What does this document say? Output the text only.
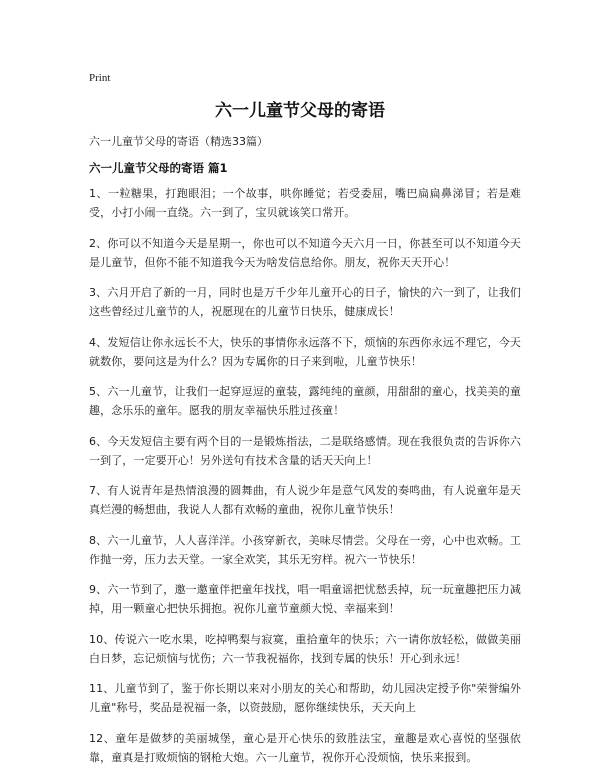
Print
六一儿童节父母的寄语
六一儿童节父母的寄语（精选33篇）
六一儿童节父母的寄语 篇1

1、一粒糖果，打跑眼泪；一个故事，哄你睡觉；若受委屈，嘴巴扁扁鼻涕冒；若是难受，小打小闹一直绕。六一到了，宝贝就该笑口常开。

2、你可以不知道今天是星期一，你也可以不知道今天六月一日，你甚至可以不知道今天是儿童节，但你不能不知道我今天为啥发信息给你。朋友，祝你天天开心！

3、六月开启了新的一月，同时也是万千少年儿童开心的日子，愉快的六一到了，让我们这些曾经过儿童节的人，祝愿现在的儿童节日快乐，健康成长！

4、发短信让你永远长不大，快乐的事情你永远落不下，烦恼的东西你永远不理它，今天就数你，要问这是为什么？因为专属你的日子来到啦，儿童节快乐！

5、六一儿童节，让我们一起穿逗逗的童装，露纯纯的童颜，用甜甜的童心，找美美的童趣，念乐乐的童年。愿我的朋友幸福快乐胜过孩童！

6、今天发短信主要有两个目的一是锻炼指法，二是联络感情。现在我很负责的告诉你六一到了，一定要开心！另外送句有技术含量的话天天向上！

7、有人说青年是热情浪漫的圆舞曲，有人说少年是意气风发的奏鸣曲，有人说童年是天真烂漫的畅想曲，我说人人都有欢畅的童曲，祝你儿童节快乐！

8、六一儿童节，人人喜洋洋。小孩穿新衣，美味尽情尝。父母在一旁，心中也欢畅。工作抛一旁，压力去天堂。一家全欢笑，其乐无穷样。祝六一节快乐！

9、六一节到了，邀一邀童伴把童年找找，唱一唱童谣把忧愁丢掉，玩一玩童趣把压力减掉，用一颗童心把快乐拥抱。祝你儿童节童颜大悦、幸福来到！

10、传说六一吃水果，吃掉鸭梨与寂寞，重拾童年的快乐；六一请你放轻松，做做美丽白日梦，忘记烦恼与忧伤；六一节我祝福你，找到专属的快乐！开心到永远！

11、儿童节到了，鉴于你长期以来对小朋友的关心和帮助，幼儿园决定授予你"荣誉编外儿童"称号，奖品是祝福一条，以资鼓励，愿你继续快乐，天天向上

12、童年是做梦的美丽城堡，童心是开心快乐的致胜法宝，童趣是欢心喜悦的坚强依靠，童真是打败烦恼的钢枪大炮。六一儿童节，祝你开心没烦恼，快乐来报到。
